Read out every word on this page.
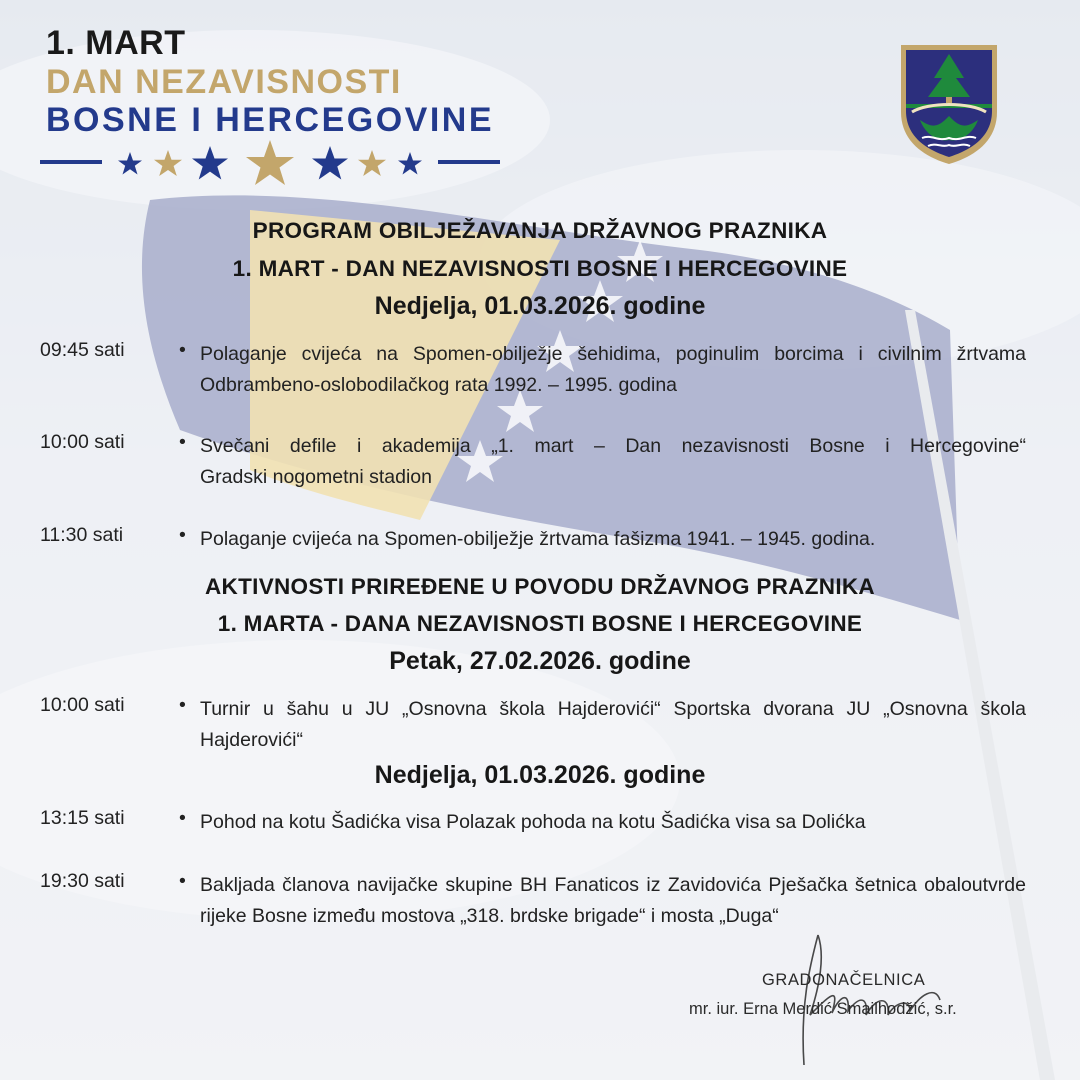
1. MART
DAN NEZAVISNOSTI
BOSNE I HERCEGOVINE
PROGRAM OBILJEŽAVANJA DRŽAVNOG PRAZNIKA
1. MART - DAN NEZAVISNOSTI BOSNE I HERCEGOVINE
Nedjelja, 01.03.2026. godine
09:45 sati	• Polaganje cvijeća na Spomen-obilježje šehidima, poginulim borcima i civilnim žrtvama Odbrambeno-oslobodilačkog rata 1992. – 1995. godina
10:00 sati	• Svečani defile i akademija „1. mart – Dan nezavisnosti Bosne i Hercegovine“
Gradski nogometni stadion
11:30 sati	• Polaganje cvijeća na Spomen-obilježje žrtvama fašizma 1941. – 1945. godina.
AKTIVNOSTI PRIREĐENE U POVODU DRŽAVNOG PRAZNIKA
1. MARTA - DANA NEZAVISNOSTI BOSNE I HERCEGOVINE
Petak, 27.02.2026. godine
10:00 sati	• Turnir u šahu u JU „Osnovna škola Hajderovići“ Sportska dvorana JU „Osnovna škola Hajderovići“
Nedjelja, 01.03.2026. godine
13:15 sati	• Pohod na kotu Šadićka visa Polazak pohoda na kotu Šadićka visa sa Dolićka
19:30 sati	• Bakljada članova navijačke skupine BH Fanaticos iz Zavidovića Pješačka šetnica obaloutvrde rijeke Bosne između mostova „318. brdske brigade“ i mosta „Duga“
GRADONAČELNICA
mr. iur. Erna Merdić Smailhodžić, s.r.
